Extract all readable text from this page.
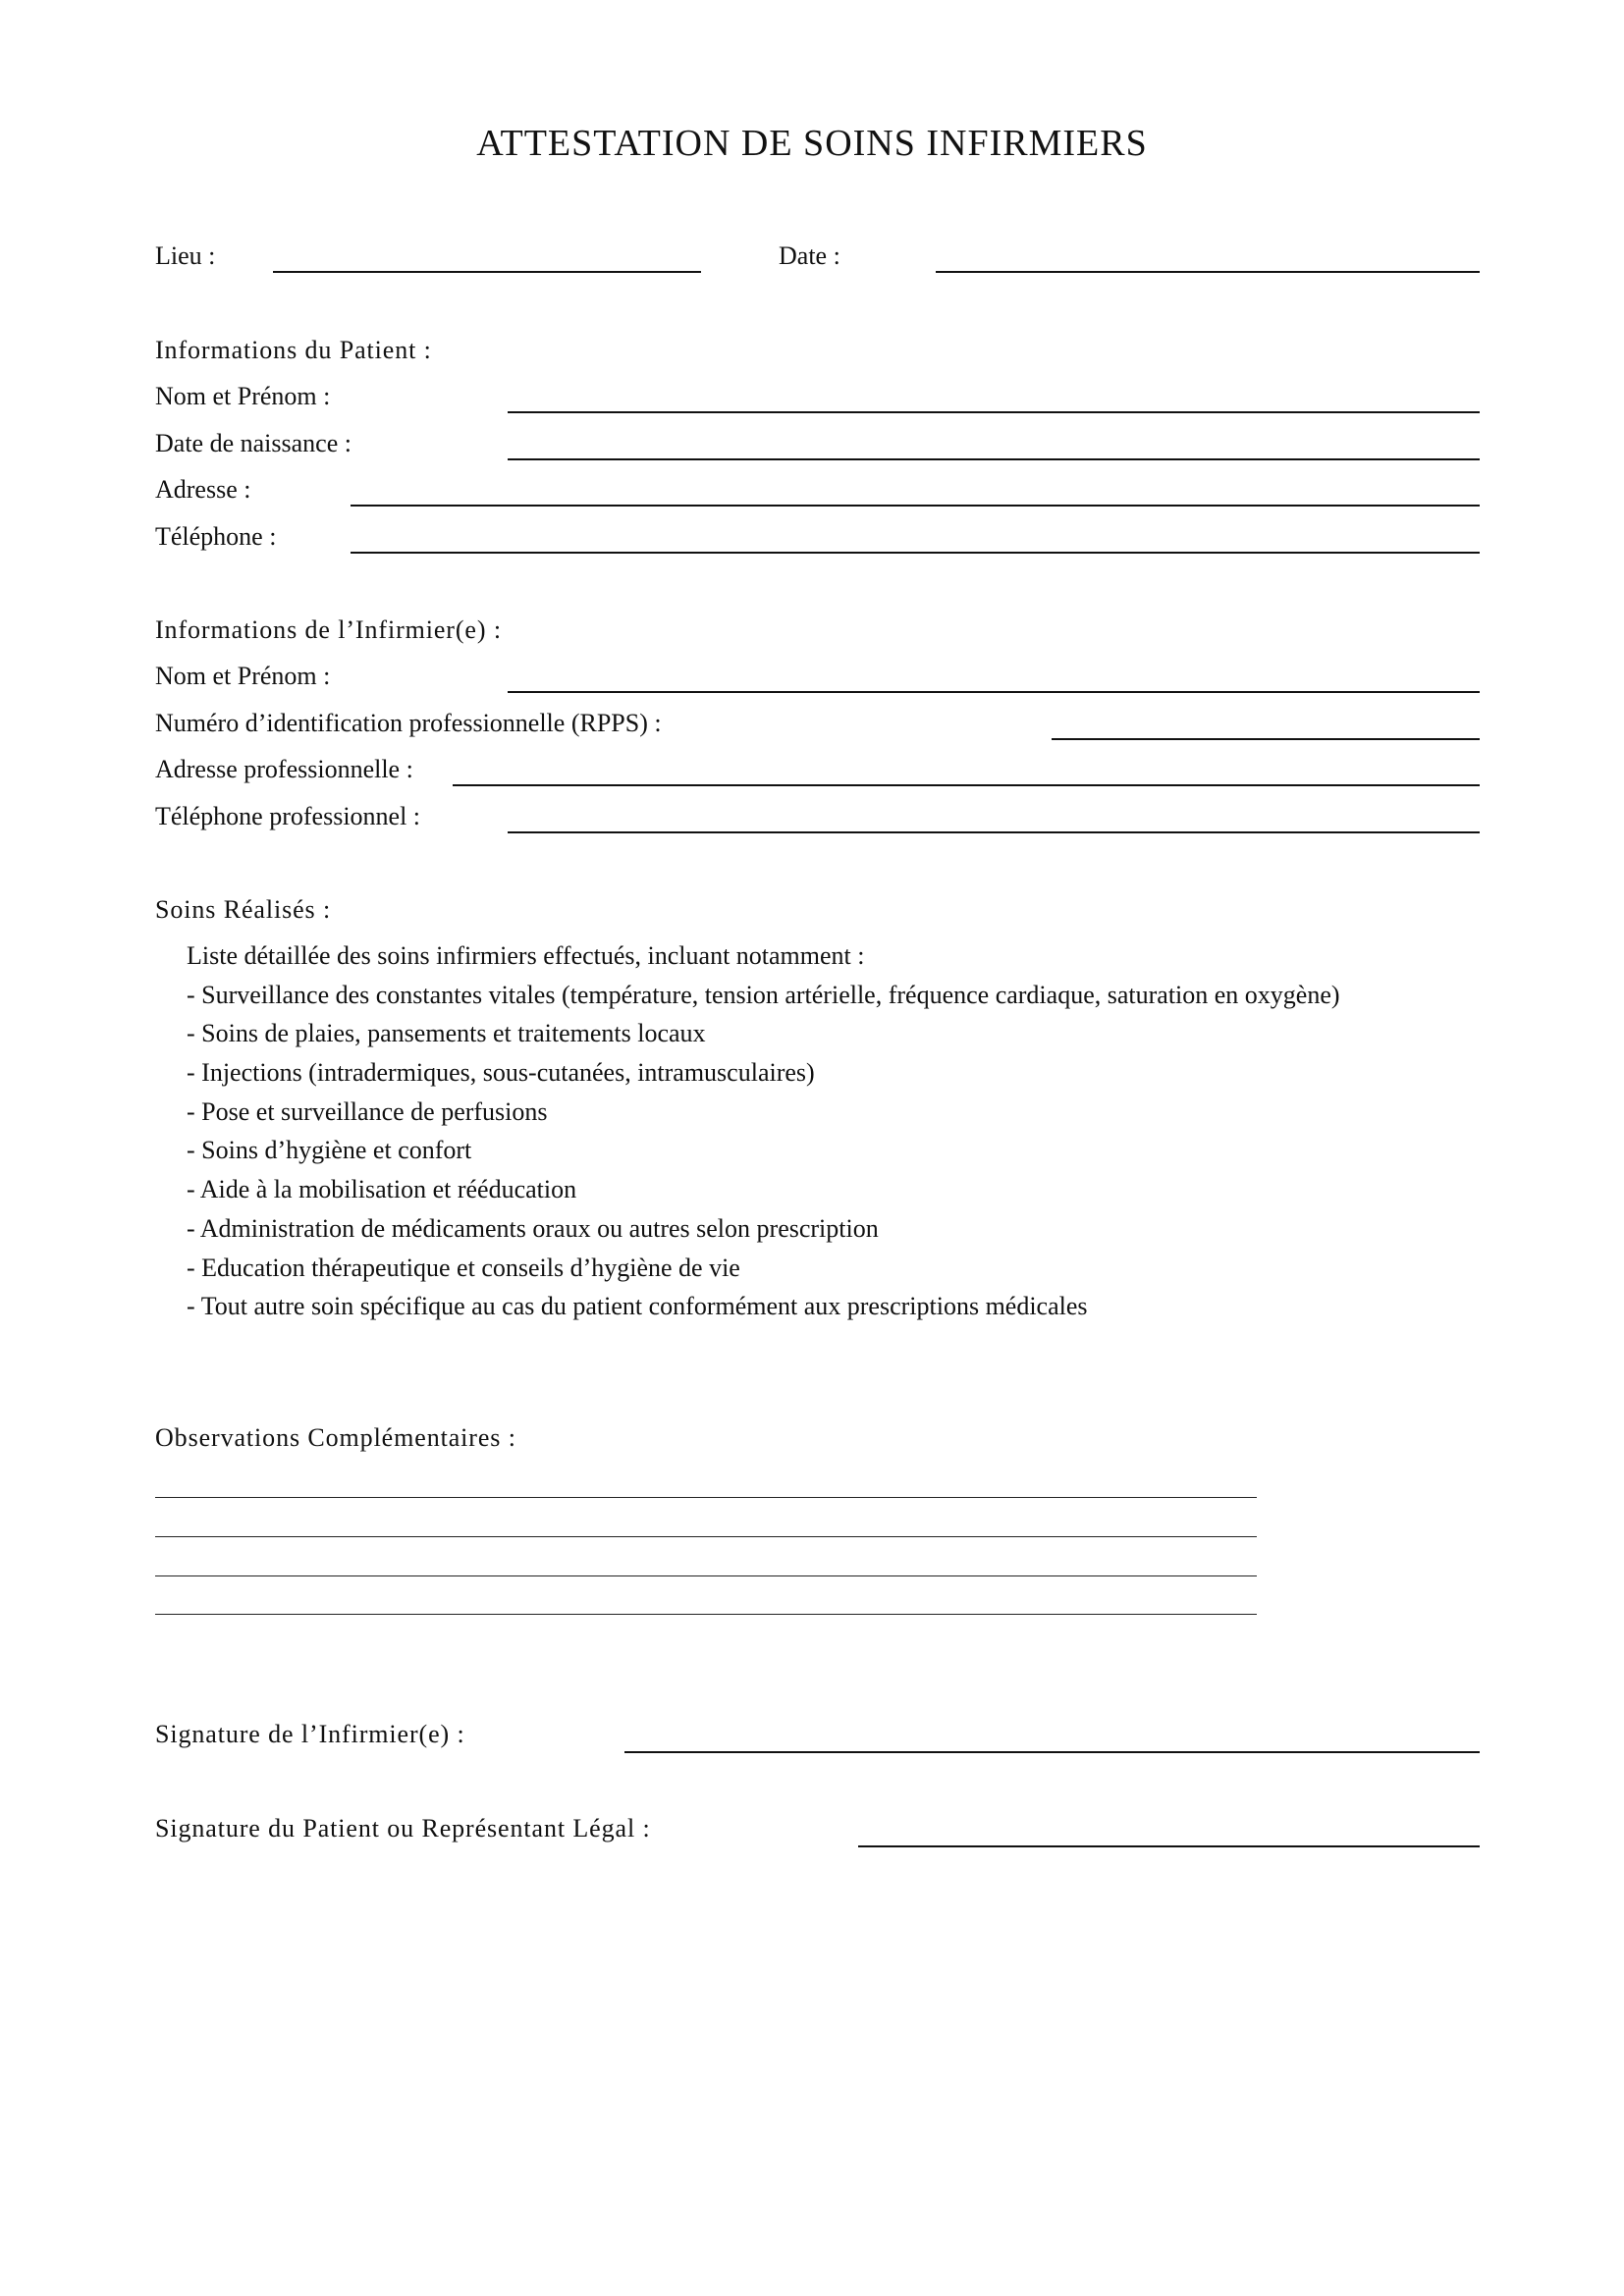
ATTESTATION DE SOINS INFIRMIERS
Lieu :	Date :
Informations du Patient :
Nom et Prénom :
Date de naissance :
Adresse :
Téléphone :
Informations de l’Infirmier(e) :
Nom et Prénom :
Numéro d’identification professionnelle (RPPS) :
Adresse professionnelle :
Téléphone professionnel :
Soins Réalisés :
Liste détaillée des soins infirmiers effectués, incluant notamment :
- Surveillance des constantes vitales (température, tension artérielle, fréquence cardiaque, saturation en oxygène)
- Soins de plaies, pansements et traitements locaux
- Injections (intradermiques, sous-cutanées, intramusculaires)
- Pose et surveillance de perfusions
- Soins d’hygiène et confort
- Aide à la mobilisation et rééducation
- Administration de médicaments oraux ou autres selon prescription
- Education thérapeutique et conseils d’hygiène de vie
- Tout autre soin spécifique au cas du patient conformément aux prescriptions médicales
Observations Complémentaires :
Signature de l’Infirmier(e) :
Signature du Patient ou Représentant Légal :
